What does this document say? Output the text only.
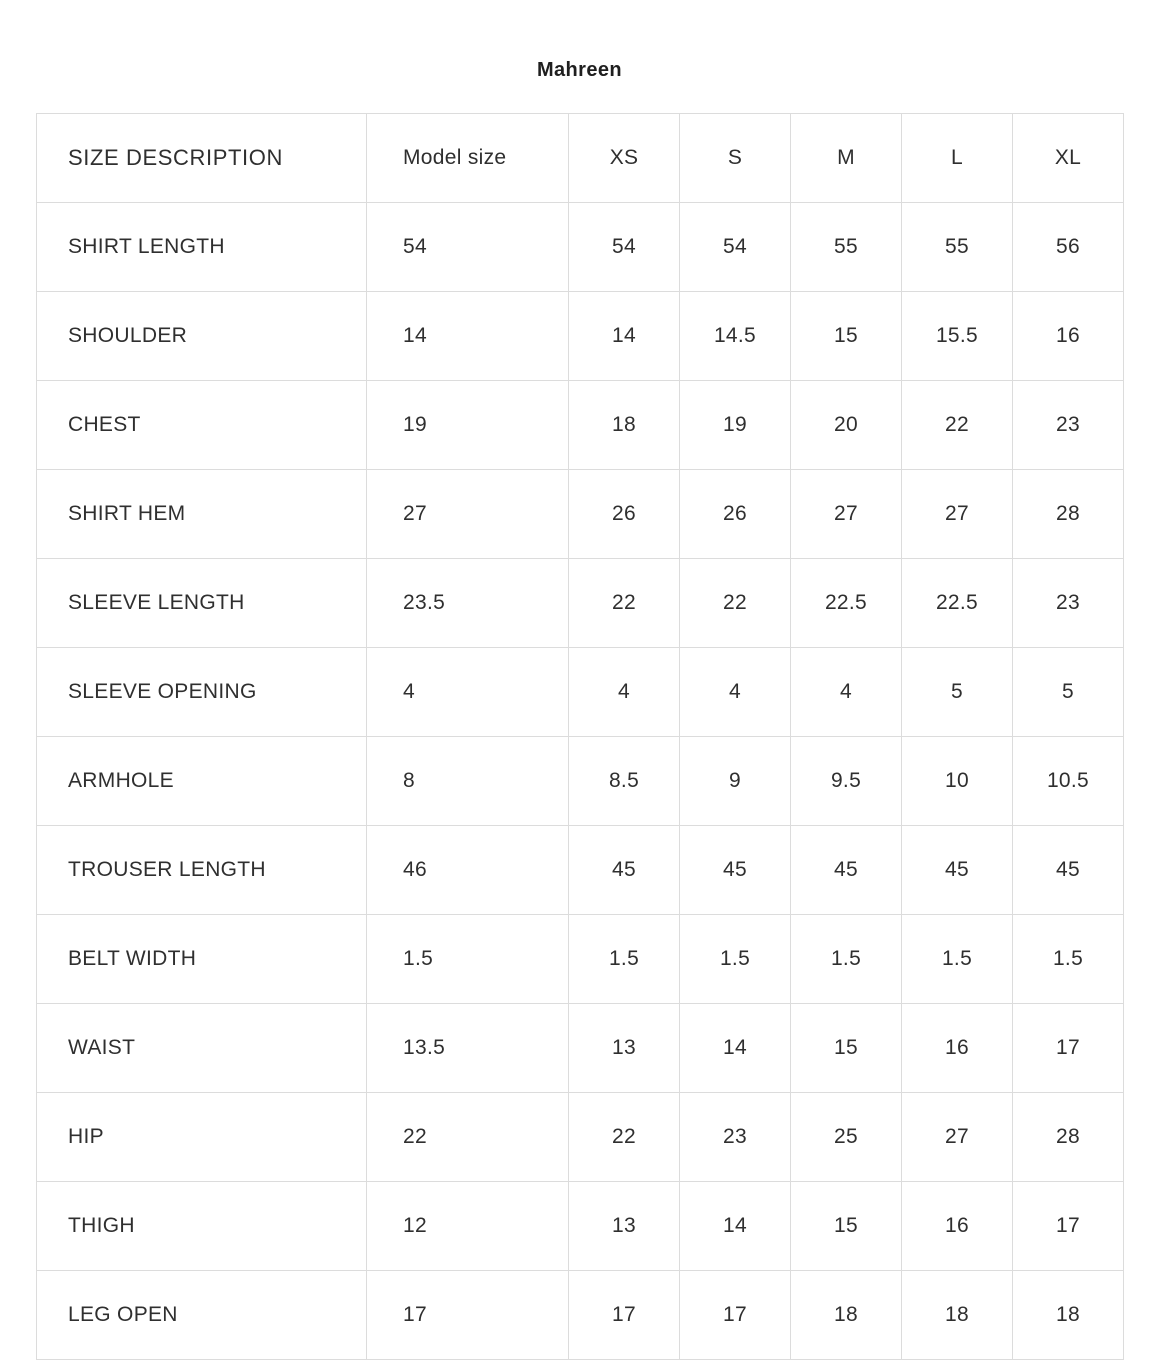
Mahreen
SIZE DESCRIPTION	Model size	XS	S	M	L	XL
SHIRT LENGTH	54	54	54	55	55	56
SHOULDER	14	14	14.5	15	15.5	16
CHEST	19	18	19	20	22	23
SHIRT HEM	27	26	26	27	27	28
SLEEVE LENGTH	23.5	22	22	22.5	22.5	23
SLEEVE OPENING	4	4	4	4	5	5
ARMHOLE	8	8.5	9	9.5	10	10.5
TROUSER LENGTH	46	45	45	45	45	45
BELT WIDTH	1.5	1.5	1.5	1.5	1.5	1.5
WAIST	13.5	13	14	15	16	17
HIP	22	22	23	25	27	28
THIGH	12	13	14	15	16	17
LEG OPEN	17	17	17	18	18	18
